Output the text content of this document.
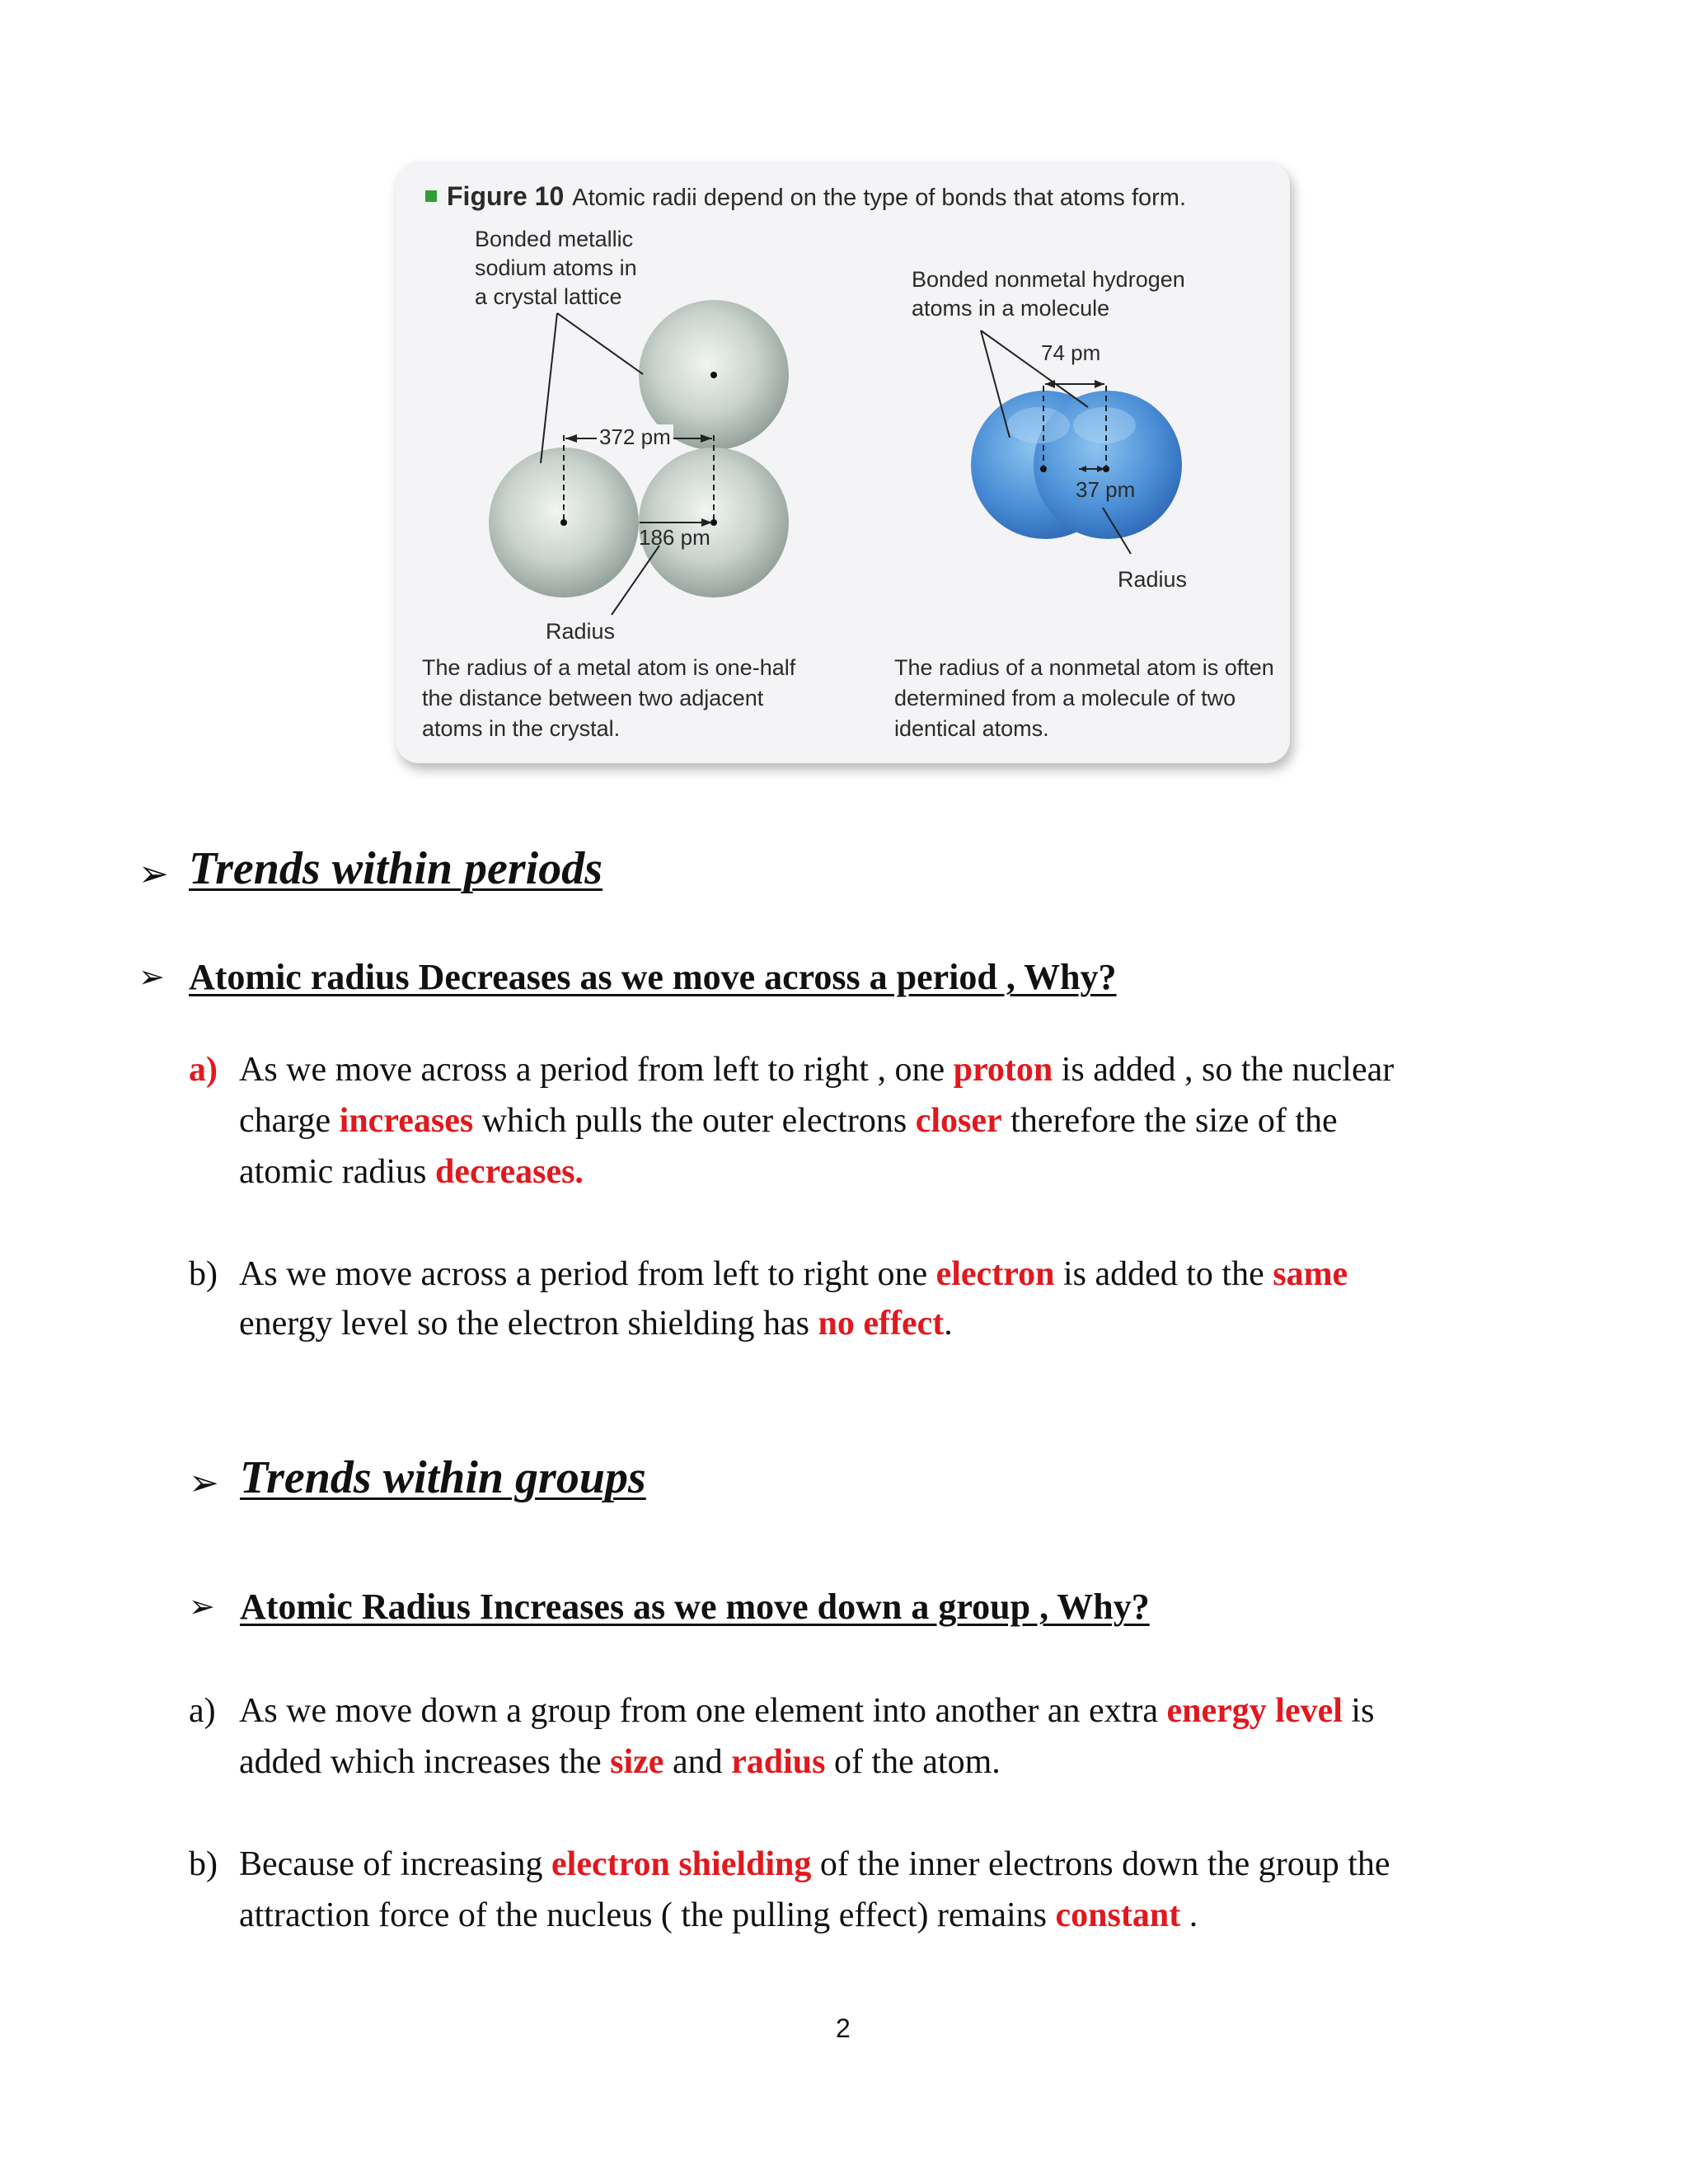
Figure 10 Atomic radii depend on the type of bonds that atoms form.
Bonded metallic
sodium atoms in
a crystal lattice
372 pm
186 pm
Radius
The radius of a metal atom is one-half
the distance between two adjacent
atoms in the crystal.
Bonded nonmetal hydrogen
atoms in a molecule
74 pm
37 pm
Radius
The radius of a nonmetal atom is often
determined from a molecule of two
identical atoms.
➢ Trends within periods
➢ Atomic radius Decreases as we move across a period , Why?
a) As we move across a period from left to right , one proton is added , so the nuclear
charge increases which pulls the outer electrons closer therefore the size of the
atomic radius decreases.
b) As we move across a period from left to right one electron is added to the same
energy level so the electron shielding has no effect.
➢ Trends within groups
➢ Atomic Radius Increases as we move down a group , Why?
a) As we move down a group from one element into another an extra energy level is
added which increases the size and radius of the atom.
b) Because of increasing electron shielding of the inner electrons down the group the
attraction force of the nucleus ( the pulling effect) remains constant .
2
